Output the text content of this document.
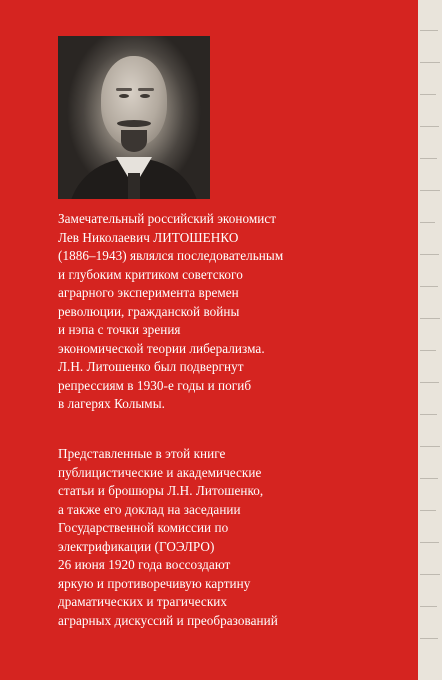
Замечательный российский экономист
Лев Николаевич ЛИТОШЕНКО
(1886–1943) являлся последовательным
и глубоким критиком советского
аграрного эксперимента времен
революции, гражданской войны
и нэпа с точки зрения
экономической теории либерализма.
Л.Н. Литошенко был подвергнут
репрессиям в 1930-е годы и погиб
в лагерях Колымы.
Представленные в этой книге
публицистические и академические
статьи и брошюры Л.Н. Литошенко,
а также его доклад на заседании
Государственной комиссии по
электрификации (ГОЭЛРО)
26 июня 1920 года воссоздают
яркую и противоречивую картину
драматических и трагических
аграрных дискуссий и преобразований
